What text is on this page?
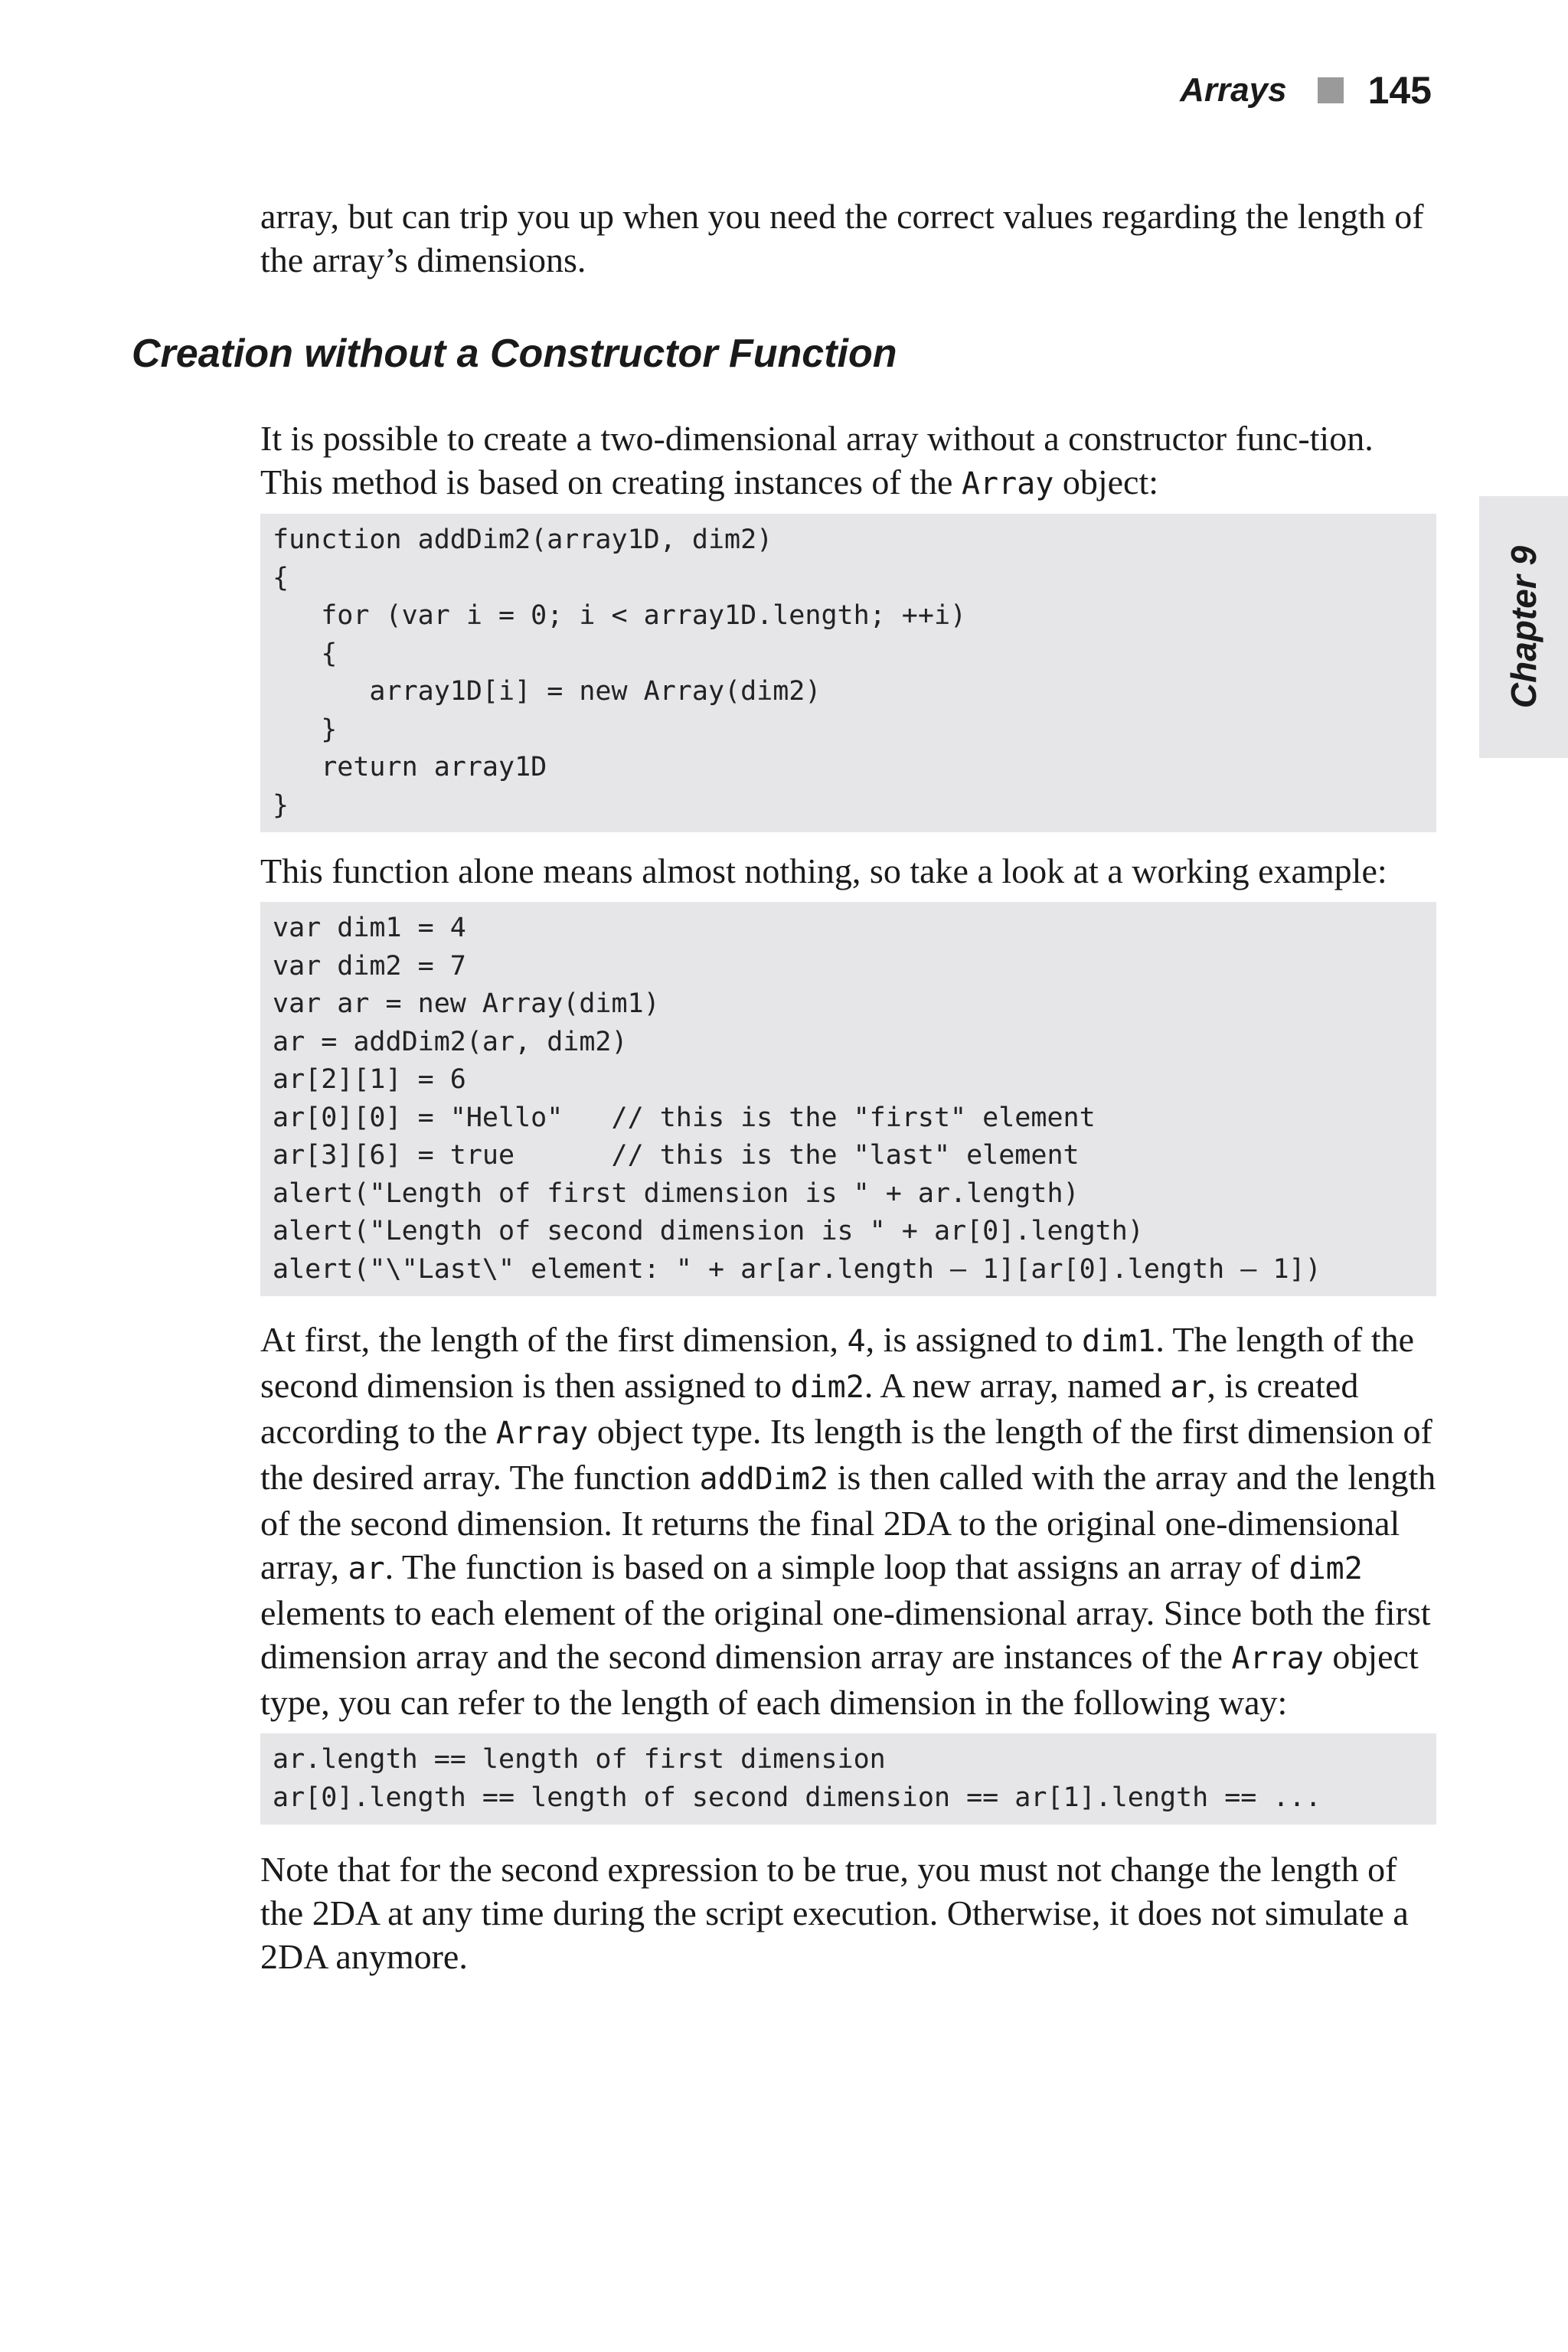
Arrays 145
Chapter 9
Creation without a Constructor Function

array, but can trip you up when you need the correct values regarding the length of the array’s dimensions.

It is possible to create a two-dimensional array without a constructor func-tion. This method is based on creating instances of the Array object:

function addDim2(array1D, dim2)
{
for (var i = 0; i < array1D.length; ++i)
{
array1D[i] = new Array(dim2)
}
return array1D
}

This function alone means almost nothing, so take a look at a working example:

var dim1 = 4
var dim2 = 7
var ar = new Array(dim1)
ar = addDim2(ar, dim2)
ar[2][1] = 6
ar[0][0] = "Hello"   // this is the "first" element
ar[3][6] = true      // this is the "last" element
alert("Length of first dimension is " + ar.length)
alert("Length of second dimension is " + ar[0].length)
alert("\"Last\" element: " + ar[ar.length – 1][ar[0].length – 1])

At first, the length of the first dimension, 4, is assigned to dim1. The length of the second dimension is then assigned to dim2. A new array, named ar, is created according to the Array object type. Its length is the length of the first dimension of the desired array. The function addDim2 is then called with the array and the length of the second dimension. It returns the final 2DA to the original one-dimensional array, ar. The function is based on a simple loop that assigns an array of dim2 elements to each element of the original one-dimensional array. Since both the first dimension array and the second dimension array are instances of the Array object type, you can refer to the length of each dimension in the following way:

ar.length == length of first dimension
ar[0].length == length of second dimension == ar[1].length == ...

Note that for the second expression to be true, you must not change the length of the 2DA at any time during the script execution. Otherwise, it does not simulate a 2DA anymore.
